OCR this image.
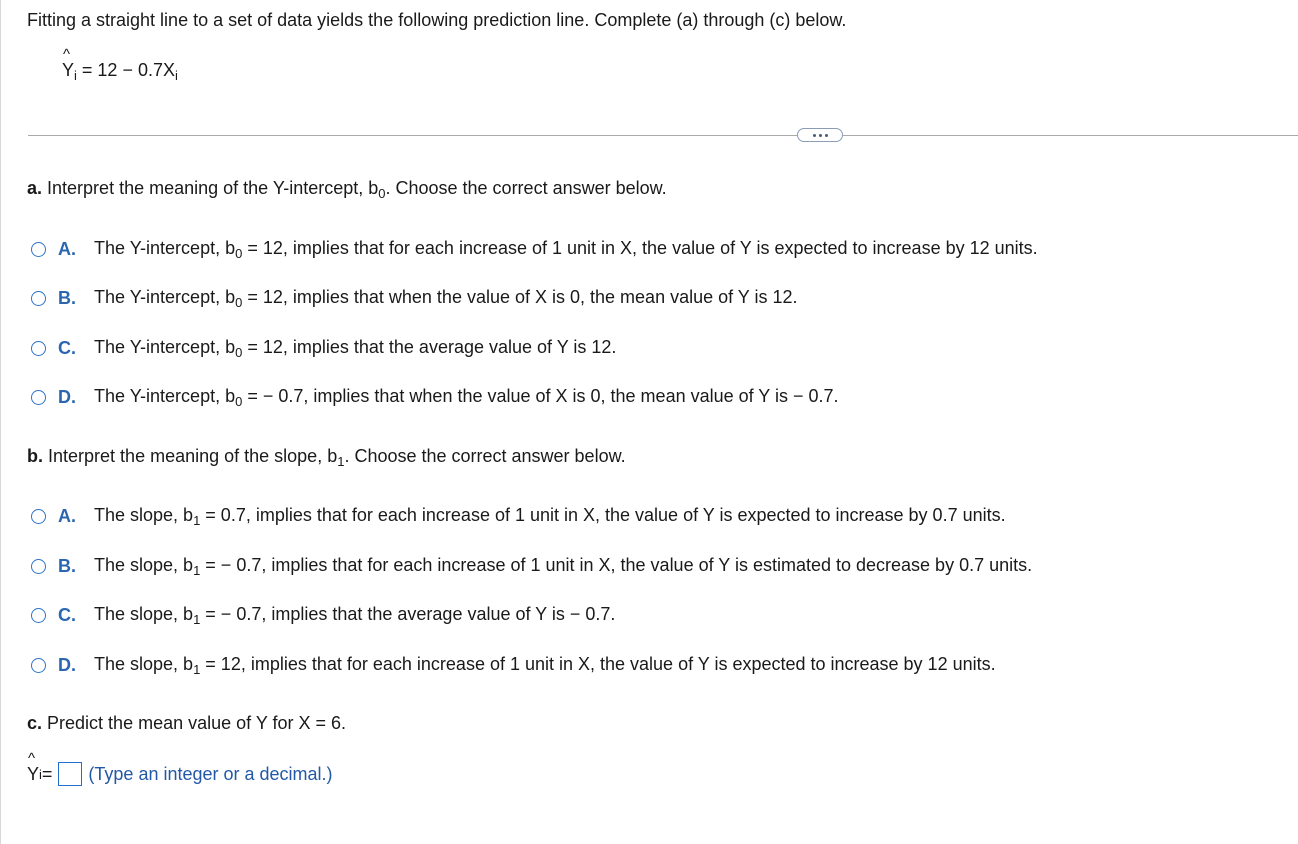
Fitting a straight line to a set of data yields the following prediction line. Complete (a) through (c) below.
^
$Y_i = 12 - 0.7X_i$
a. Interpret the meaning of the Y-intercept, $b_0$. Choose the correct answer below.
A.	The Y-intercept, $b_0 = 12$, implies that for each increase of 1 unit in X, the value of Y is expected to increase by 12 units.
B.	The Y-intercept, $b_0 = 12$, implies that when the value of X is 0, the mean value of Y is 12.
C.	The Y-intercept, $b_0 = 12$, implies that the average value of Y is 12.
D.	The Y-intercept, $b_0$ = − 0.7, implies that when the value of X is 0, the mean value of Y is − 0.7.
b. Interpret the meaning of the slope, $b_1$. Choose the correct answer below.
A.	The slope, $b_1 = 0.7$, implies that for each increase of 1 unit in X, the value of Y is expected to increase by 0.7 units.
B.	The slope, $b_1$ = − 0.7, implies that for each increase of 1 unit in X, the value of Y is estimated to decrease by 0.7 units.
C.	The slope, $b_1$ = − 0.7, implies that the average value of Y is − 0.7.
D.	The slope, $b_1 = 12$, implies that for each increase of 1 unit in X, the value of Y is expected to increase by 12 units.
c. Predict the mean value of Y for X = 6.
^
Y i = (Type an integer or a decimal.)
